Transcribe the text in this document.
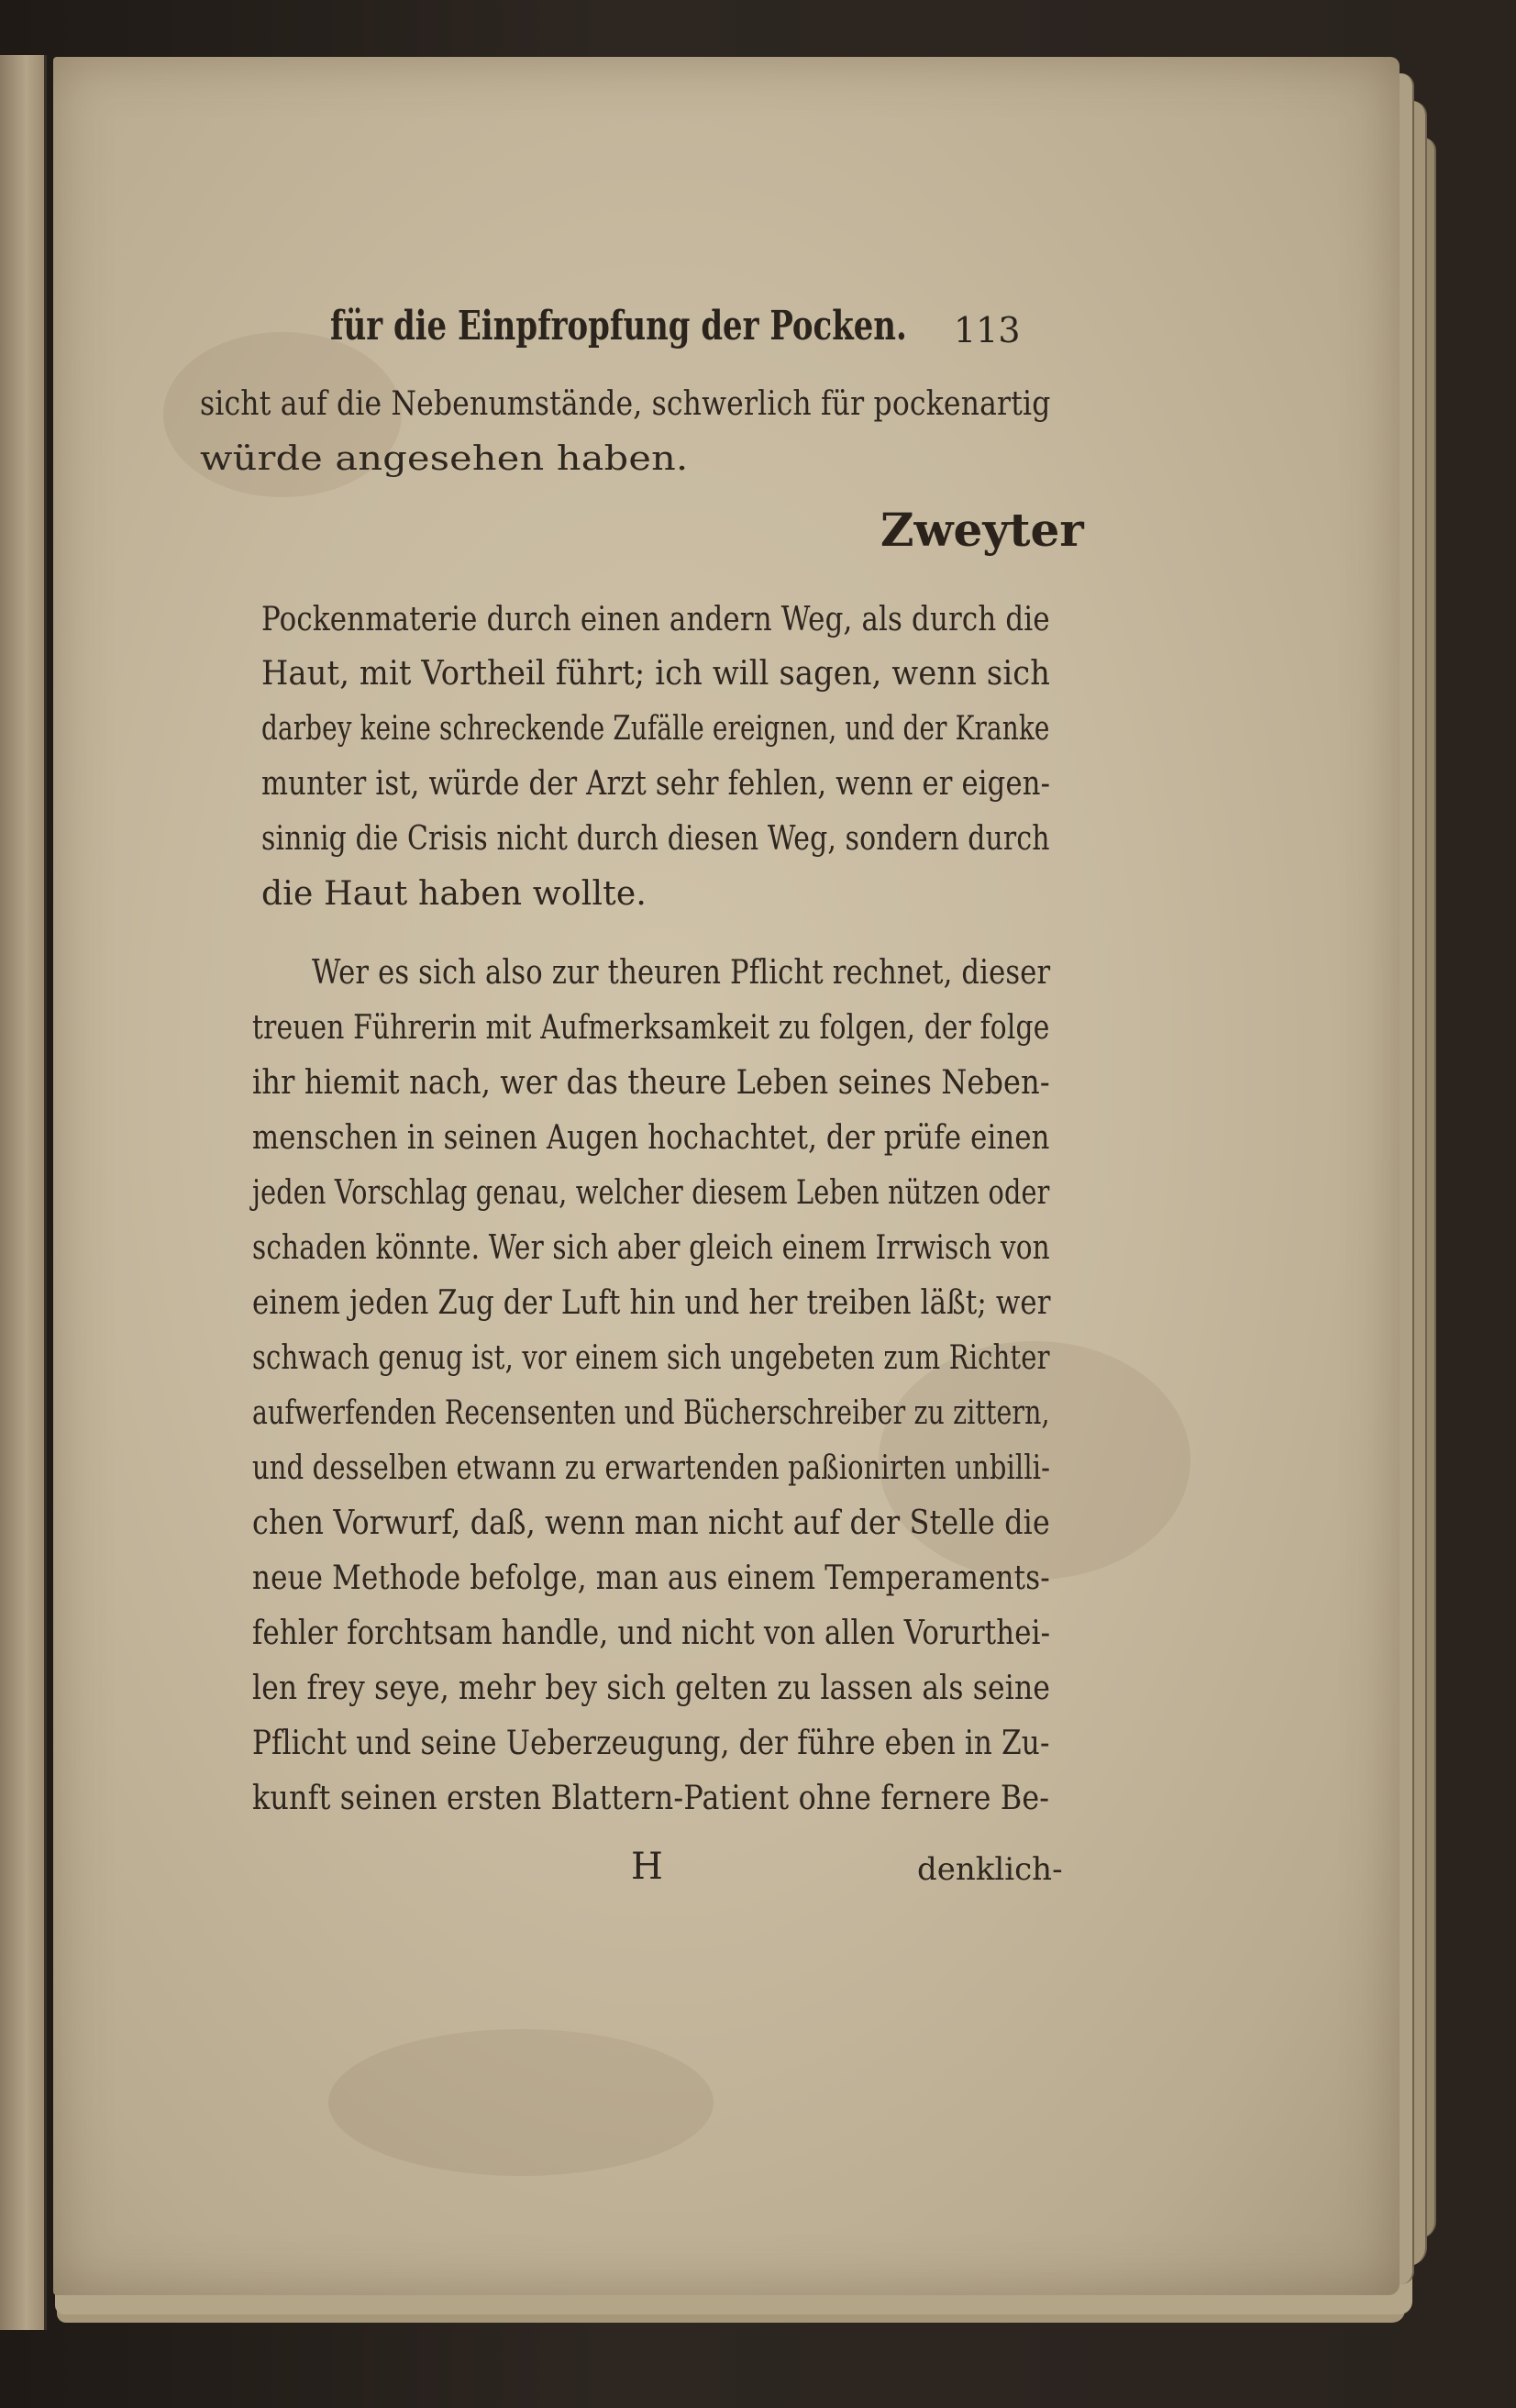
für die Einpfropfung der Pocken. 113
sicht auf die Nebenumstände, schwerlich für pockenartig
würde angesehen haben.
Zweyter
Pockenmaterie durch einen andern Weg, als durch die
Haut, mit Vortheil führt; ich will sagen, wenn sich
darbey keine schreckende Zufälle ereignen, und der Kranke
munter ist, würde der Arzt sehr fehlen, wenn er eigen-
sinnig die Crisis nicht durch diesen Weg, sondern durch
die Haut haben wollte.
Wer es sich also zur theuren Pflicht rechnet, dieser
treuen Führerin mit Aufmerksamkeit zu folgen, der folge
ihr hiemit nach, wer das theure Leben seines Neben-
menschen in seinen Augen hochachtet, der prüfe einen
jeden Vorschlag genau, welcher diesem Leben nützen oder
schaden könnte. Wer sich aber gleich einem Irrwisch von
einem jeden Zug der Luft hin und her treiben läßt; wer
schwach genug ist, vor einem sich ungebeten zum Richter
aufwerfenden Recensenten und Bücherschreiber zu zittern,
und desselben etwann zu erwartenden paßionirten unbilli-
chen Vorwurf, daß, wenn man nicht auf der Stelle die
neue Methode befolge, man aus einem Temperaments-
fehler forchtsam handle, und nicht von allen Vorurthei-
len frey seye, mehr bey sich gelten zu lassen als seine
Pflicht und seine Ueberzeugung, der führe eben in Zu-
kunft seinen ersten Blattern-Patient ohne fernere Be-
H	denklich-
